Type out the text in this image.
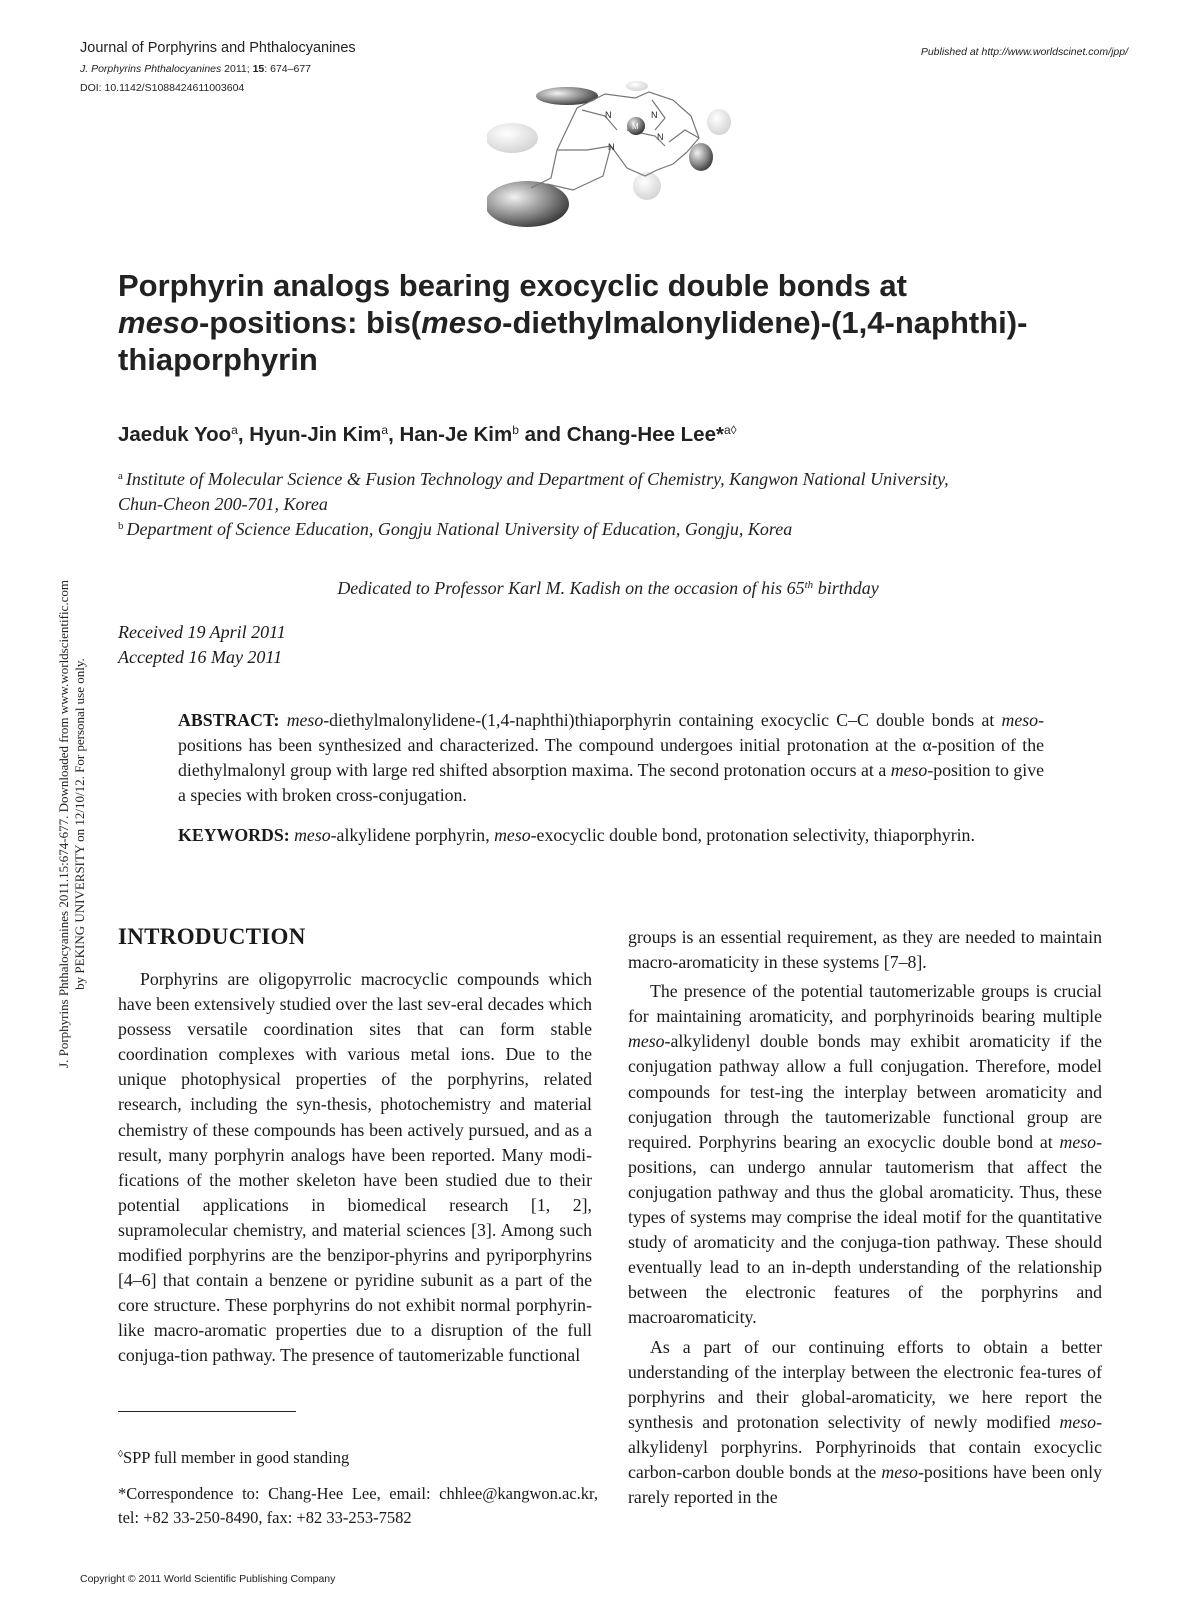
Journal of Porphyrins and Phthalocyanines
J. Porphyrins Phthalocyanines 2011; 15: 674–677
DOI: 10.1142/S1088424611003604
Published at http://www.worldscinet.com/jpp/
N	N
N
N
M
J. Porphyrins Phthalocyanines 2011.15:674-677. Downloaded from www.worldscientific.com by PEKING UNIVERSITY on 12/10/12. For personal use only.
Porphyrin analogs bearing exocyclic double bonds at
meso-positions: bis(meso-diethylmalonylidene)-(1,4-naphthi)-
thiaporphyrin
Jaeduk Yoo$^a$, Hyun-Jin Kim$^a$, Han-Je Kim$^b$ and Chang-Hee Lee*$^{a◊}$
$^a$ Institute of Molecular Science & Fusion Technology and Department of Chemistry, Kangwon National University,
Chun-Cheon 200-701, Korea
$^b$ Department of Science Education, Gongju National University of Education, Gongju, Korea
Dedicated to Professor Karl M. Kadish on the occasion of his 65th birthday
Received 19 April 2011
Accepted 16 May 2011
ABSTRACT: meso-diethylmalonylidene-(1,4-naphthi)thiaporphyrin containing exocyclic C–C double bonds at meso-positions has been synthesized and characterized. The compound undergoes initial protonation at the α-position of the diethylmalonyl group with large red shifted absorption maxima. The second protonation occurs at a meso-position to give a species with broken cross-conjugation.
KEYWORDS: meso-alkylidene porphyrin, meso-exocyclic double bond, protonation selectivity, thiaporphyrin.
INTRODUCTION

Porphyrins are oligopyrrolic macrocyclic compounds which have been extensively studied over the last sev-eral decades which possess versatile coordination sites that can form stable coordination complexes with various metal ions. Due to the unique photophysical properties of the porphyrins, related research, including the syn-thesis, photochemistry and material chemistry of these compounds has been actively pursued, and as a result, many porphyrin analogs have been reported. Many modi-fications of the mother skeleton have been studied due to their potential applications in biomedical research [1, 2], supramolecular chemistry, and material sciences [3]. Among such modified porphyrins are the benzipor-phyrins and pyriporphyrins [4–6] that contain a benzene or pyridine subunit as a part of the core structure. These porphyrins do not exhibit normal porphyrin-like macro-aromatic properties due to a disruption of the full conjuga-tion pathway. The presence of tautomerizable functional

groups is an essential requirement, as they are needed to maintain macro-aromaticity in these systems [7–8].

The presence of the potential tautomerizable groups is crucial for maintaining aromaticity, and porphyrinoids bearing multiple meso-alkylidenyl double bonds may exhibit aromaticity if the conjugation pathway allow a full conjugation. Therefore, model compounds for test-ing the interplay between aromaticity and conjugation through the tautomerizable functional group are required. Porphyrins bearing an exocyclic double bond at meso-positions, can undergo annular tautomerism that affect the conjugation pathway and thus the global aromaticity. Thus, these types of systems may comprise the ideal motif for the quantitative study of aromaticity and the conjuga-tion pathway. These should eventually lead to an in-depth understanding of the relationship between the electronic features of the porphyrins and macroaromaticity.

As a part of our continuing efforts to obtain a better understanding of the interplay between the electronic fea-tures of porphyrins and their global-aromaticity, we here report the synthesis and protonation selectivity of newly modified meso-alkylidenyl porphyrins. Porphyrinoids that contain exocyclic carbon-carbon double bonds at the meso-positions have been only rarely reported in the

◊SPP full member in good standing
*Correspondence to: Chang-Hee Lee, email: chhlee@kangwon.ac.kr, tel: +82 33-250-8490, fax: +82 33-253-7582
Copyright © 2011 World Scientific Publishing Company
